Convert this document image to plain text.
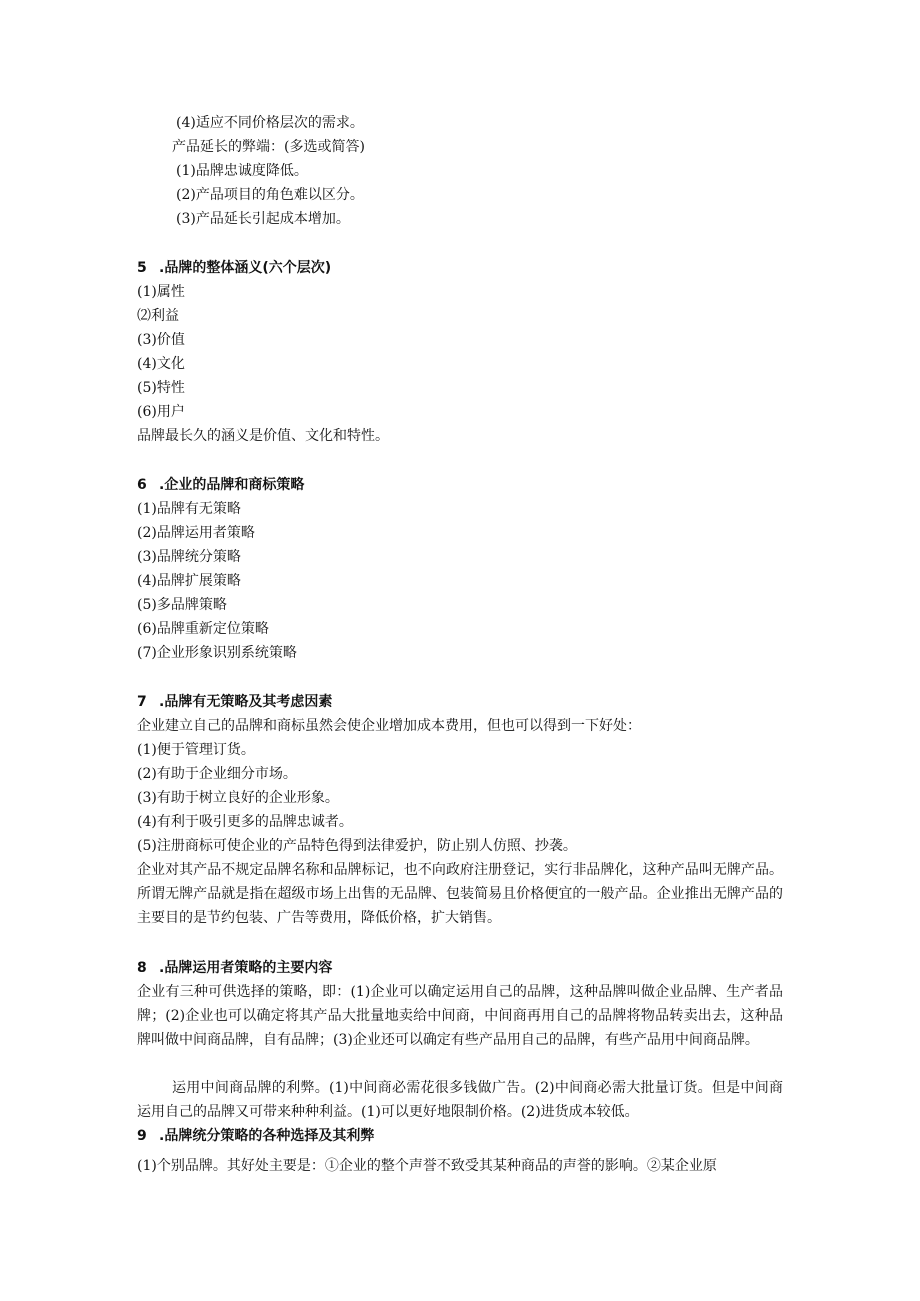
(4)适应不同价格层次的需求。
产品延长的弊端：(多选或简答)
(1)品牌忠诚度降低。
(2)产品项目的角色难以区分。
(3)产品延长引起成本增加。
5 .品牌的整体涵义(六个层次)
(1)属性
⑵利益
(3)价值
(4)文化
(5)特性
(6)用户
品牌最长久的涵义是价值、文化和特性。
6 .企业的品牌和商标策略
(1)品牌有无策略
(2)品牌运用者策略
(3)品牌统分策略
(4)品牌扩展策略
(5)多品牌策略
(6)品牌重新定位策略
(7)企业形象识别系统策略
7 .品牌有无策略及其考虑因素
企业建立自己的品牌和商标虽然会使企业增加成本费用，但也可以得到一下好处：
(1)便于管理订货。
(2)有助于企业细分市场。
(3)有助于树立良好的企业形象。
(4)有利于吸引更多的品牌忠诚者。
(5)注册商标可使企业的产品特色得到法律爱护，防止别人仿照、抄袭。
企业对其产品不规定品牌名称和品牌标记，也不向政府注册登记，实行非品牌化，这种产品叫无牌产品。所谓无牌产品就是指在超级市场上出售的无品牌、包装简易且价格便宜的一般产品。企业推出无牌产品的主要目的是节约包装、广告等费用，降低价格，扩大销售。
8 .品牌运用者策略的主要内容
企业有三种可供选择的策略，即：(1)企业可以确定运用自己的品牌，这种品牌叫做企业品牌、生产者品牌；(2)企业也可以确定将其产品大批量地卖给中间商，中间商再用自己的品牌将物品转卖出去，这种品牌叫做中间商品牌，自有品牌；(3)企业还可以确定有些产品用自己的品牌，有些产品用中间商品牌。
运用中间商品牌的利弊。(1)中间商必需花很多钱做广告。(2)中间商必需大批量订货。但是中间商运用自己的品牌又可带来种种利益。(1)可以更好地限制价格。(2)进货成本较低。
9 .品牌统分策略的各种选择及其利弊
(1)个别品牌。其好处主要是：①企业的整个声誉不致受其某种商品的声誉的影响。②某企业原
